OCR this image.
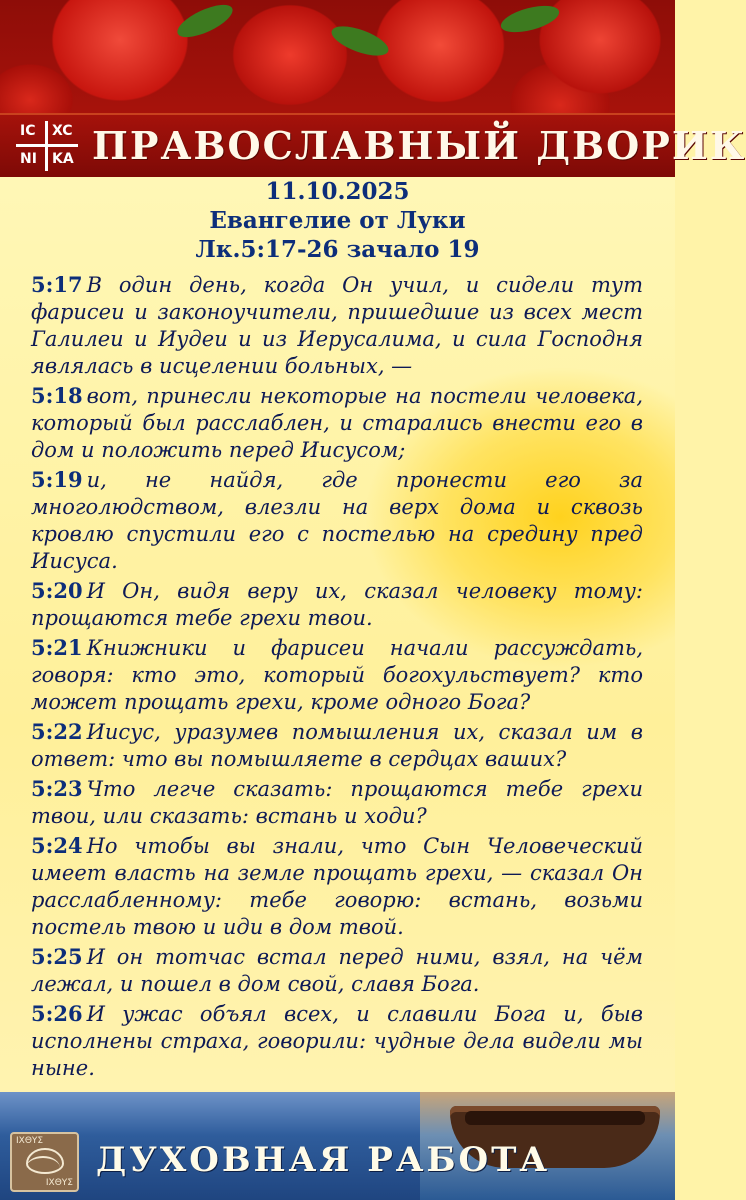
IC XC
NI KA ПРАВОСЛАВНЫЙ ДВОРИК
11.10.2025
Евангелие от Луки
Лк.5:17-26 зачало 19

5:17 В один день, когда Он учил, и сидели тут фарисеи и законоучители, пришедшие из всех мест Галилеи и Иудеи и из Иерусалима, и сила Господня являлась в исцелении больных, —

5:18 вот, принесли некоторые на постели человека, который был расслаблен, и старались внести его в дом и положить перед Иисусом;

5:19 и, не найдя, где пронести его за многолюдством, влезли на верх дома и сквозь кровлю спустили его с постелью на средину пред Иисуса.

5:20 И Он, видя веру их, сказал человеку тому: прощаются тебе грехи твои.

5:21 Книжники и фарисеи начали рассуждать, говоря: кто это, который богохульствует? кто может прощать грехи, кроме одного Бога?

5:22 Иисус, уразумев помышления их, сказал им в ответ: что вы помышляете в сердцах ваших?

5:23 Что легче сказать: прощаются тебе грехи твои, или сказать: встань и ходи?

5:24 Но чтобы вы знали, что Сын Человеческий имеет власть на земле прощать грехи, — сказал Он расслабленному: тебе говорю: встань, возьми постель твою и иди в дом твой.

5:25 И он тотчас встал перед ними, взял, на чём лежал, и пошел в дом свой, славя Бога.

5:26 И ужас объял всех, и славили Бога и, быв исполнены страха, говорили: чудные дела видели мы ныне.

ΙΧΘΥΣ
ΙΧΘΥΣ
ДУХОВНАЯ РАБОТА
